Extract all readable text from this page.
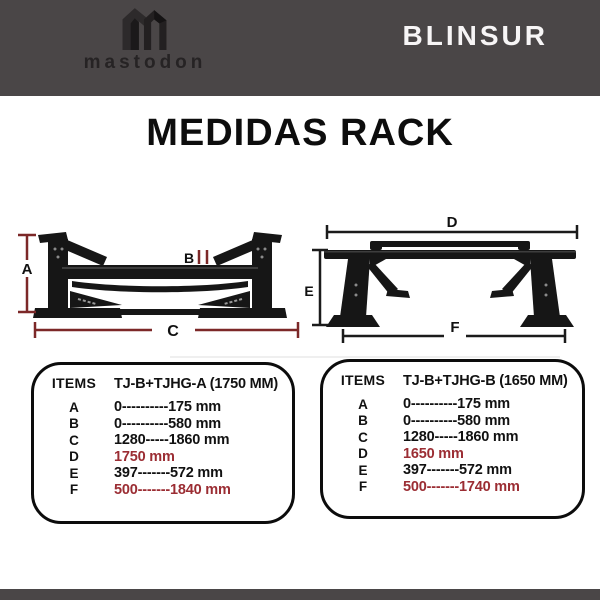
mastodon
BLINSUR
MEDIDAS RACK
A
B
C
D
E
F
ITEMS	TJ-B+TJHG-A (1750 MM)
A	0----------175 mm
B	0----------580 mm
C	1280-----1860 mm
D	1750 mm
E	397-------572 mm
F	500-------1840 mm
ITEMS	TJ-B+TJHG-B (1650 MM)
A	0----------175 mm
B	0----------580 mm
C	1280-----1860 mm
D	1650 mm
E	397-------572 mm
F	500-------1740 mm
